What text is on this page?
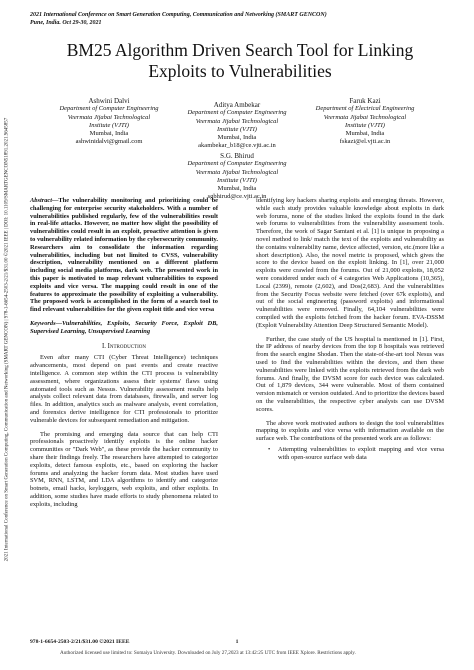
2021 International Conference on Smart Generation Computing, Communication and Networking (SMART GENCON)
Pune, India. Oct 29-30, 2021
2021 International Conference on Smart Generation Computing, Communication and Networking (SMART GENCON) | 978-1-6654-2503-2/21/$31.00 ©2021 IEEE | DOI: 10.1109/SMARTGENCON51891.2021.9645857
BM25 Algorithm Driven Search Tool for Linking
Exploits to Vulnerabilities
Ashwini Dalvi
Department of Computer Engineering
Veermata Jijabai Technological
Institute (VJTI)
Mumbai, India
ashwinidalvi@gmail.com
Aditya Ambekar
Department of Computer Engineering
Veermata Jijabai Technological
Institute (VJTI)
Mumbai, India
akambekar_b18@ce.vjti.ac.in
Faruk Kazi
Department of Electrical Engineering
Veermata Jijabai Technological
Institute (VJTI)
Mumbai, India
fskazi@el.vjti.ac.in
S.G. Bhirud
Department of Computer Engineering
Veermata Jijabai Technological
Institute (VJTI)
Mumbai, India
sgbhirud@ce.vjti.ac.in

Abstract—The vulnerability monitoring and prioritizing could be challenging for enterprise security stakeholders. With a number of vulnerabilities published regularly, few of the vulnerabilities result in real-life attacks. However, no matter how slight the possibility of vulnerabilities could result in an exploit, proactive attention is given to vulnerability related information by the cybersecurity community. Researchers aim to consolidate the information regarding vulnerabilities, including but not limited to CVSS, vulnerability description, vulnerability mentioned on a different platform including social media platforms, dark web. The presented work in this paper is motivated to map relevant vulnerabilities to exposed exploits and vice versa. The mapping could result in one of the features to approximate the possibility of exploiting a vulnerability. The proposed work is accomplished in the form of a search tool to find relevant vulnerabilities for the given exploit title and vice versa

Keywords—Vulnerabilities, Exploits, Security Force, Exploit DB, Supervised Learning, Unsupervised Learning

I. Introduction

Even after many CTI (Cyber Threat Intelligence) techniques advancements, most depend on past events and create reactive intelligence. A common step within the CTI process is vulnerability assessment, where organizations assess their systems' flaws using automated tools such as Nessus. Vulnerability assessment results help analysts collect relevant data from databases, firewalls, and server log files. In addition, analytics such as malware analysis, event correlation, and forensics derive intelligence for CTI professionals to prioritize vulnerable devices for subsequent remediation and mitigation.

The promising and emerging data source that can help CTI professionals proactively identify exploits is the online hacker communities or "Dark Web", as these provide the hacker community to share their findings freely. The researchers have attempted to categorize exploits, detect famous exploits, etc., based on exploring the hacker forums and analyzing the hacker forum data. Most studies have used SVM, RNN, LSTM, and LDA algorithms to identify and categorize botnets, email hacks, keyloggers, web exploits, and other exploits. In addition, some studies have made efforts to study phenomena related to exploits, including

identifying key hackers sharing exploits and emerging threats. However, while each study provides valuable knowledge about exploits in dark web forums, none of the studies linked the exploits found in the dark web forums to vulnerabilities from the vulnerability assessment tools. Therefore, the work of Sagar Samtani et al. [1] is unique in proposing a novel method to link/ match the text of the exploits and vulnerability as the contains vulnerability name, device affected, version, etc.(more like a short description). Also, the novel metric is proposed, which gives the score to the device based on the exploit linking. In [1], over 21,000 exploits were crawled from the forums. Out of 21,000 exploits, 18,052 were considered under each of 4 categories Web Applications (10,365), Local (2399), remote (2,602), and Dos(2,683). And the vulnerabilities from the Security Focus website were fetched (over 67k exploits), and out of the social engineering (password exploits) and informational vulnerabilities were removed. Finally, 64,104 vulnerabilities were compiled with the exploits fetched from the hacker forum. EVA-DSSM (Exploit Vulnerability Attention Deep Structured Semantic Model).

Further, the case study of the US hospital is mentioned in [1]. First, the IP address of nearby devices from the top 8 hospitals was retrieved from the search engine Shodan. Then the state-of-the-art tool Nesus was used to find the vulnerabilities within the devices, and then these vulnerabilities were linked with the exploits retrieved from the dark web forums. And finally, the DVSM score for each device was calculated. Out of 1,879 devices, 344 were vulnerable. Most of them contained version mismatch or version outdated. And to prioritize the devices based on the vulnerabilities, the respective cyber analysts can use DVSM scores.

The above work motivated authors to design the tool vulnerabilities mapping to exploits and vice versa with information available on the surface web. The contributions of the presented work are as follows:

• Attempting vulnerabilities to exploit mapping and vice versa with open-source surface web data
978-1-6654-2503-2/21/$31.00 ©2021 IEEE	1
Authorized licensed use limited to: Somaiya University. Downloaded on July 27,2023 at 13:42:25 UTC from IEEE Xplore. Restrictions apply.
